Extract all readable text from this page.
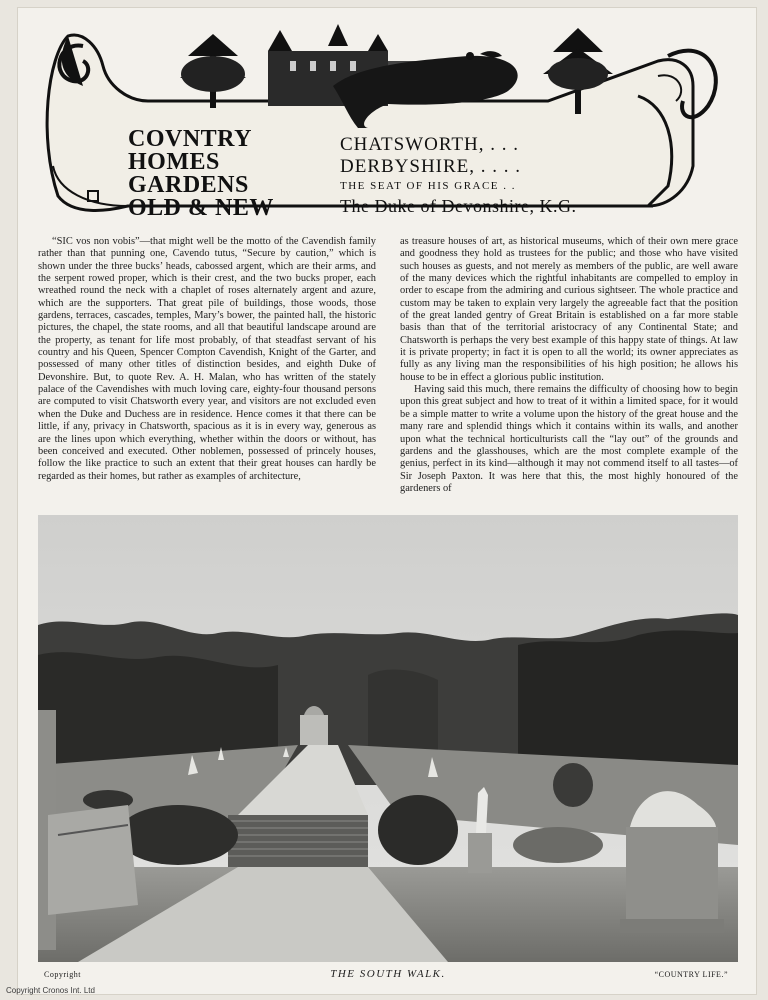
COVNTRY
HOMES
GARDENS
OLD & NEW
CHATSWORTH, . . .
DERBYSHIRE, . . . .
THE SEAT OF HIS GRACE . .
The Duke of Devonshire, K.G.

“SIC vos non vobis”—that might well be the motto of the Cavendish family rather than that punning one, Cavendo tutus, “Secure by caution,” which is shown under the three bucks’ heads, cabossed argent, which are their arms, and the serpent rowed proper, which is their crest, and the two bucks proper, each wreathed round the neck with a chaplet of roses alternately argent and azure, which are the supporters. That great pile of buildings, those woods, those gardens, terraces, cascades, temples, Mary’s bower, the painted hall, the historic pictures, the chapel, the state rooms, and all that beautiful landscape around are the property, as tenant for life most probably, of that steadfast servant of his country and his Queen, Spencer Compton Cavendish, Knight of the Garter, and possessed of many other titles of distinction besides, and eighth Duke of Devonshire. But, to quote Rev. A. H. Malan, who has written of the stately palace of the Cavendishes with much loving care, eighty-four thousand persons are computed to visit Chatsworth every year, and visitors are not excluded even when the Duke and Duchess are in residence. Hence comes it that there can be little, if any, privacy in Chatsworth, spacious as it is in every way, generous as are the lines upon which everything, whether within the doors or without, has been conceived and executed. Other noblemen, possessed of princely houses, follow the like practice to such an extent that their great houses can hardly be regarded as their homes, but rather as examples of architecture,

as treasure houses of art, as historical museums, which of their own mere grace and goodness they hold as trustees for the public; and those who have visited such houses as guests, and not merely as members of the public, are well aware of the many devices which the rightful inhabitants are compelled to employ in order to escape from the admiring and curious sightseer. The whole practice and custom may be taken to explain very largely the agreeable fact that the position of the great landed gentry of Great Britain is established on a far more stable basis than that of the territorial aristocracy of any Continental State; and Chatsworth is perhaps the very best example of this happy state of things. At law it is private property; in fact it is open to all the world; its owner appreciates as fully as any living man the responsibilities of his high position; he allows his house to be in effect a glorious public institution.

Having said this much, there remains the difficulty of choosing how to begin upon this great subject and how to treat of it within a limited space, for it would be a simple matter to write a volume upon the history of the great house and the many rare and splendid things which it contains within its walls, and another upon what the technical horticulturists call the “lay out” of the grounds and gardens and the glasshouses, which are the most complete example of the genius, perfect in its kind—although it may not commend itself to all tastes—of Sir Joseph Paxton. It was here that this, the most highly honoured of the gardeners of

Copyright	THE SOUTH WALK.	“COUNTRY LIFE.”
Copyright Cronos Int. Ltd
